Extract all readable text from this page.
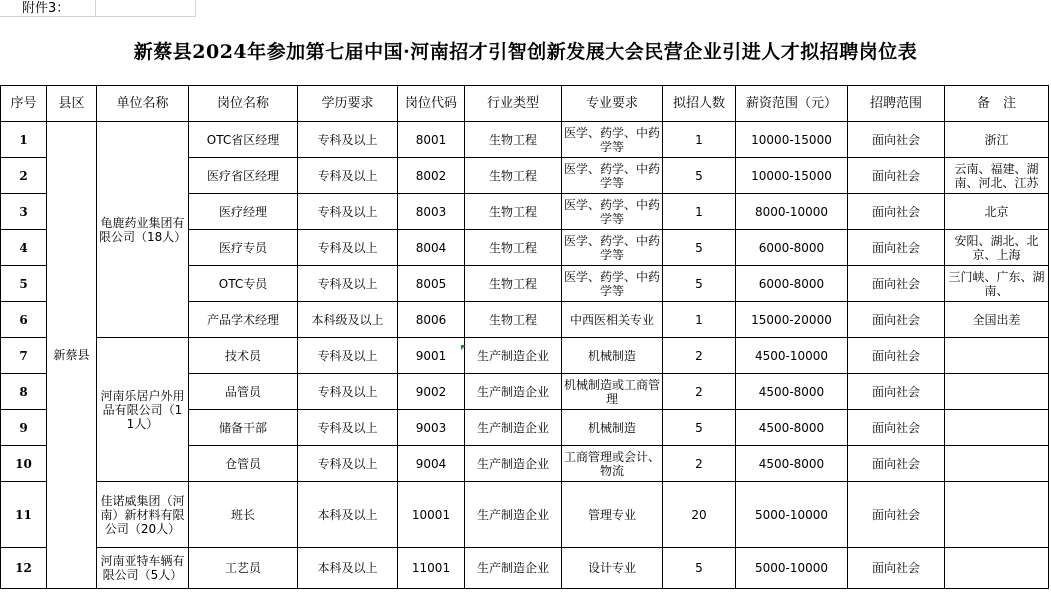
附件3：
新蔡县2024年参加第七届中国·河南招才引智创新发展大会民营企业引进人才拟招聘岗位表
序号	县区	单位名称	岗位名称	学历要求	岗位代码	行业类型	专业要求	拟招人数	薪资范围（元）	招聘范围	备　注
1	新蔡县	龟鹿药业集团有限公司（18人）	OTC省区经理	专科及以上	8001	生物工程	医学、药学、中药学等	1	10000-15000	面向社会	浙江
2			医疗省区经理	专科及以上	8002	生物工程	医学、药学、中药学等	5	10000-15000	面向社会	云南、福建、湖南、河北、江苏
3			医疗经理	专科及以上	8003	生物工程	医学、药学、中药学等	1	8000-10000	面向社会	北京
4			医疗专员	专科及以上	8004	生物工程	医学、药学、中药学等	5	6000-8000	面向社会	安阳、湖北、北京、上海
5			OTC专员	专科及以上	8005	生物工程	医学、药学、中药学等	5	6000-8000	面向社会	三门峡、广东、湖南、
6			产品学术经理	本科级及以上	8006	生物工程	中西医相关专业	1	15000-20000	面向社会	全国出差
7		河南乐居户外用品有限公司（11人）	技术员	专科及以上	9001	生产制造企业	机械制造	2	4500-10000	面向社会	
8			品管员	专科及以上	9002	生产制造企业	机械制造或工商管理	2	4500-8000	面向社会	
9			储备干部	专科及以上	9003	生产制造企业	机械制造	5	4500-8000	面向社会	
10			仓管员	专科及以上	9004	生产制造企业	工商管理或会计、物流	2	4500-8000	面向社会	
11		佳诺威集团（河南）新材料有限公司（20人）	班长	本科及以上	10001	生产制造企业	管理专业	20	5000-10000	面向社会	
12		河南亚特车辆有限公司（5人）	工艺员	本科及以上	11001	生产制造企业	设计专业	5	5000-10000	面向社会	
